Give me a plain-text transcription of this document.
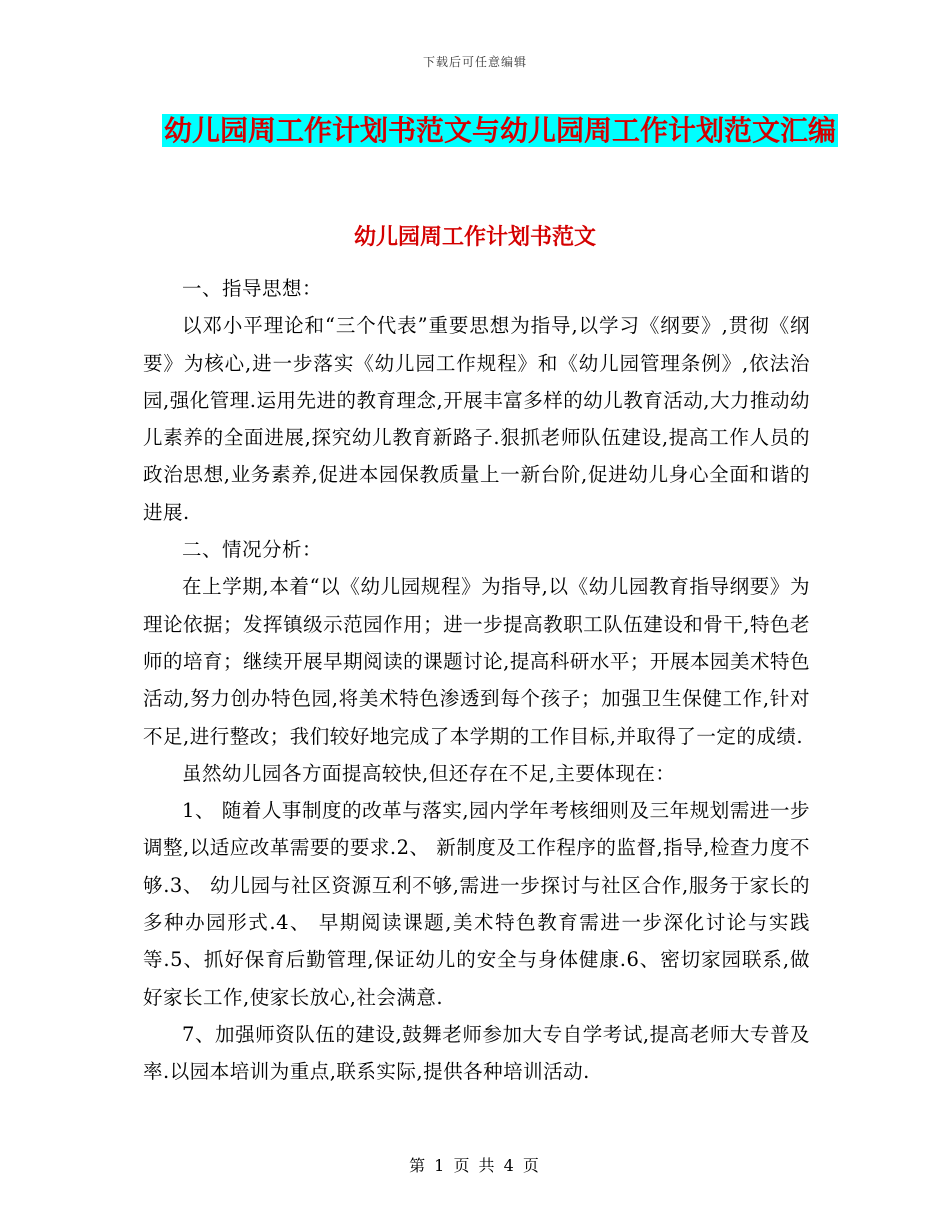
下载后可任意编辑
幼儿园周工作计划书范文与幼儿园周工作计划范文汇编
幼儿园周工作计划书范文

一、指导思想：

以邓小平理论和“三个代表”重要思想为指导,以学习《纲要》,贯彻《纲要》为核心,进一步落实《幼儿园工作规程》和《幼儿园管理条例》,依法治园,强化管理.运用先进的教育理念,开展丰富多样的幼儿教育活动,大力推动幼儿素养的全面进展,探究幼儿教育新路子.狠抓老师队伍建设,提高工作人员的政治思想,业务素养,促进本园保教质量上一新台阶,促进幼儿身心全面和谐的进展.

二、情况分析：

在上学期,本着“以《幼儿园规程》为指导,以《幼儿园教育指导纲要》为理论依据；发挥镇级示范园作用；进一步提高教职工队伍建设和骨干,特色老师的培育；继续开展早期阅读的课题讨论,提高科研水平；开展本园美术特色活动,努力创办特色园,将美术特色渗透到每个孩子；加强卫生保健工作,针对不足,进行整改；我们较好地完成了本学期的工作目标,并取得了一定的成绩.

虽然幼儿园各方面提高较快,但还存在不足,主要体现在：

1、 随着人事制度的改革与落实,园内学年考核细则及三年规划需进一步调整,以适应改革需要的要求.2、 新制度及工作程序的监督,指导,检查力度不够.3、 幼儿园与社区资源互利不够,需进一步探讨与社区合作,服务于家长的多种办园形式.4、 早期阅读课题,美术特色教育需进一步深化讨论与实践等.5、抓好保育后勤管理,保证幼儿的安全与身体健康.6、密切家园联系,做好家长工作,使家长放心,社会满意.

7、加强师资队伍的建设,鼓舞老师参加大专自学考试,提高老师大专普及率.以园本培训为重点,联系实际,提供各种培训活动.

第 1 页 共 4 页
